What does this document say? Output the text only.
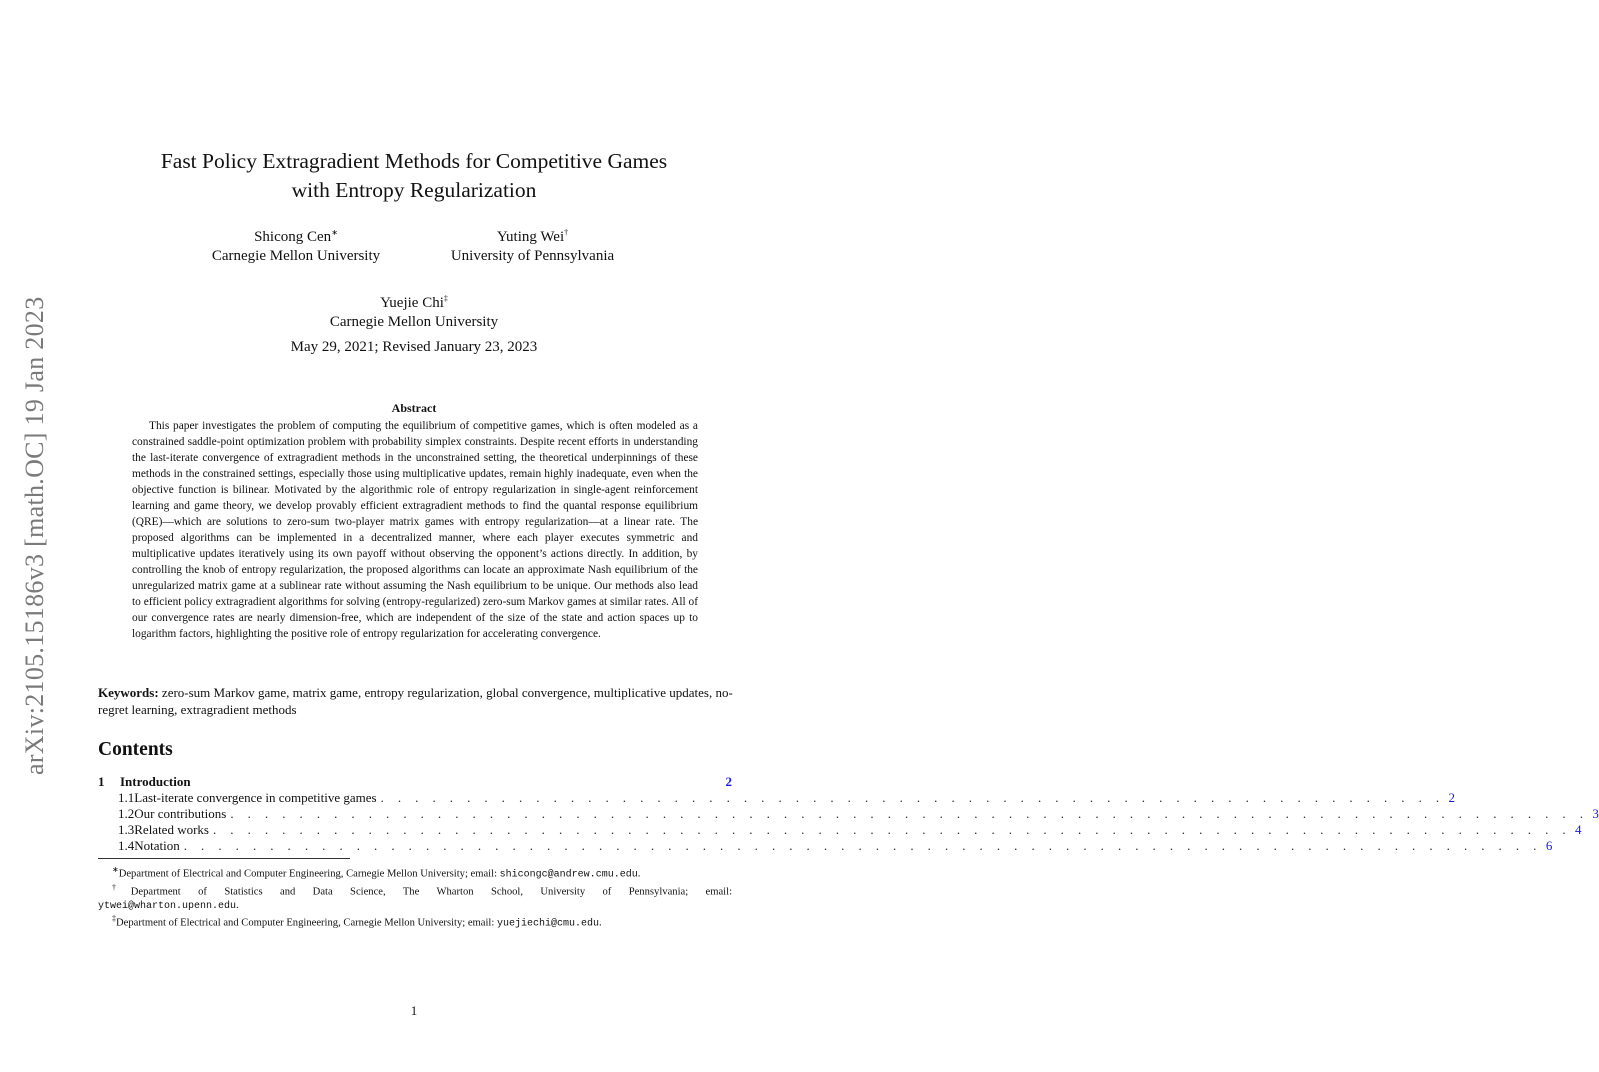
arXiv:2105.15186v3 [math.OC] 19 Jan 2023
Fast Policy Extragradient Methods for Competitive Games
with Entropy Regularization
Shicong Cen∗
Carnegie Mellon University
Yuting Wei†
University of Pennsylvania
Yuejie Chi‡
Carnegie Mellon University
May 29, 2021; Revised January 23, 2023
Abstract
This paper investigates the problem of computing the equilibrium of competitive games, which is often modeled as a constrained saddle-point optimization problem with probability simplex constraints. Despite recent efforts in understanding the last-iterate convergence of extragradient methods in the unconstrained setting, the theoretical underpinnings of these methods in the constrained settings, especially those using multiplicative updates, remain highly inadequate, even when the objective function is bilinear. Motivated by the algorithmic role of entropy regularization in single-agent reinforcement learning and game theory, we develop provably efficient extragradient methods to find the quantal response equilibrium (QRE)—which are solutions to zero-sum two-player matrix games with entropy regularization—at a linear rate. The proposed algorithms can be implemented in a decentralized manner, where each player executes symmetric and multiplicative updates iteratively using its own payoff without observing the opponent’s actions directly. In addition, by controlling the knob of entropy regularization, the proposed algorithms can locate an approximate Nash equilibrium of the unregularized matrix game at a sublinear rate without assuming the Nash equilibrium to be unique. Our methods also lead to efficient policy extragradient algorithms for solving (entropy-regularized) zero-sum Markov games at similar rates. All of our convergence rates are nearly dimension-free, which are independent of the size of the state and action spaces up to logarithm factors, highlighting the positive role of entropy regularization for accelerating convergence.
Keywords: zero-sum Markov game, matrix game, entropy regularization, global convergence, multiplicative updates, no-regret learning, extragradient methods
Contents
1	Introduction	2
1.1 Last-iterate convergence in competitive games . . . . . . . . . . . . . . . . . . . . . . . . . . . . . . . . . . . . . . . . . . . . . . . . . . . . . . . . . . . . . . 2
1.2 Our contributions . . . . . . . . . . . . . . . . . . . . . . . . . . . . . . . . . . . . . . . . . . . . . . . . . . . . . . . . . . . . . . . . . . . . . . . . . . . . . . . 3
1.3 Related works . . . . . . . . . . . . . . . . . . . . . . . . . . . . . . . . . . . . . . . . . . . . . . . . . . . . . . . . . . . . . . . . . . . . . . . . . . . . . . . 4
1.4 Notation . . . . . . . . . . . . . . . . . . . . . . . . . . . . . . . . . . . . . . . . . . . . . . . . . . . . . . . . . . . . . . . . . . . . . . . . . . . . . . . 6

∗Department of Electrical and Computer Engineering, Carnegie Mellon University; email: shicongc@andrew.cmu.edu.

†Department of Statistics and Data Science, The Wharton School, University of Pennsylvania; email:

ytwei@wharton.upenn.edu.

‡Department of Electrical and Computer Engineering, Carnegie Mellon University; email: yuejiechi@cmu.edu.

1
